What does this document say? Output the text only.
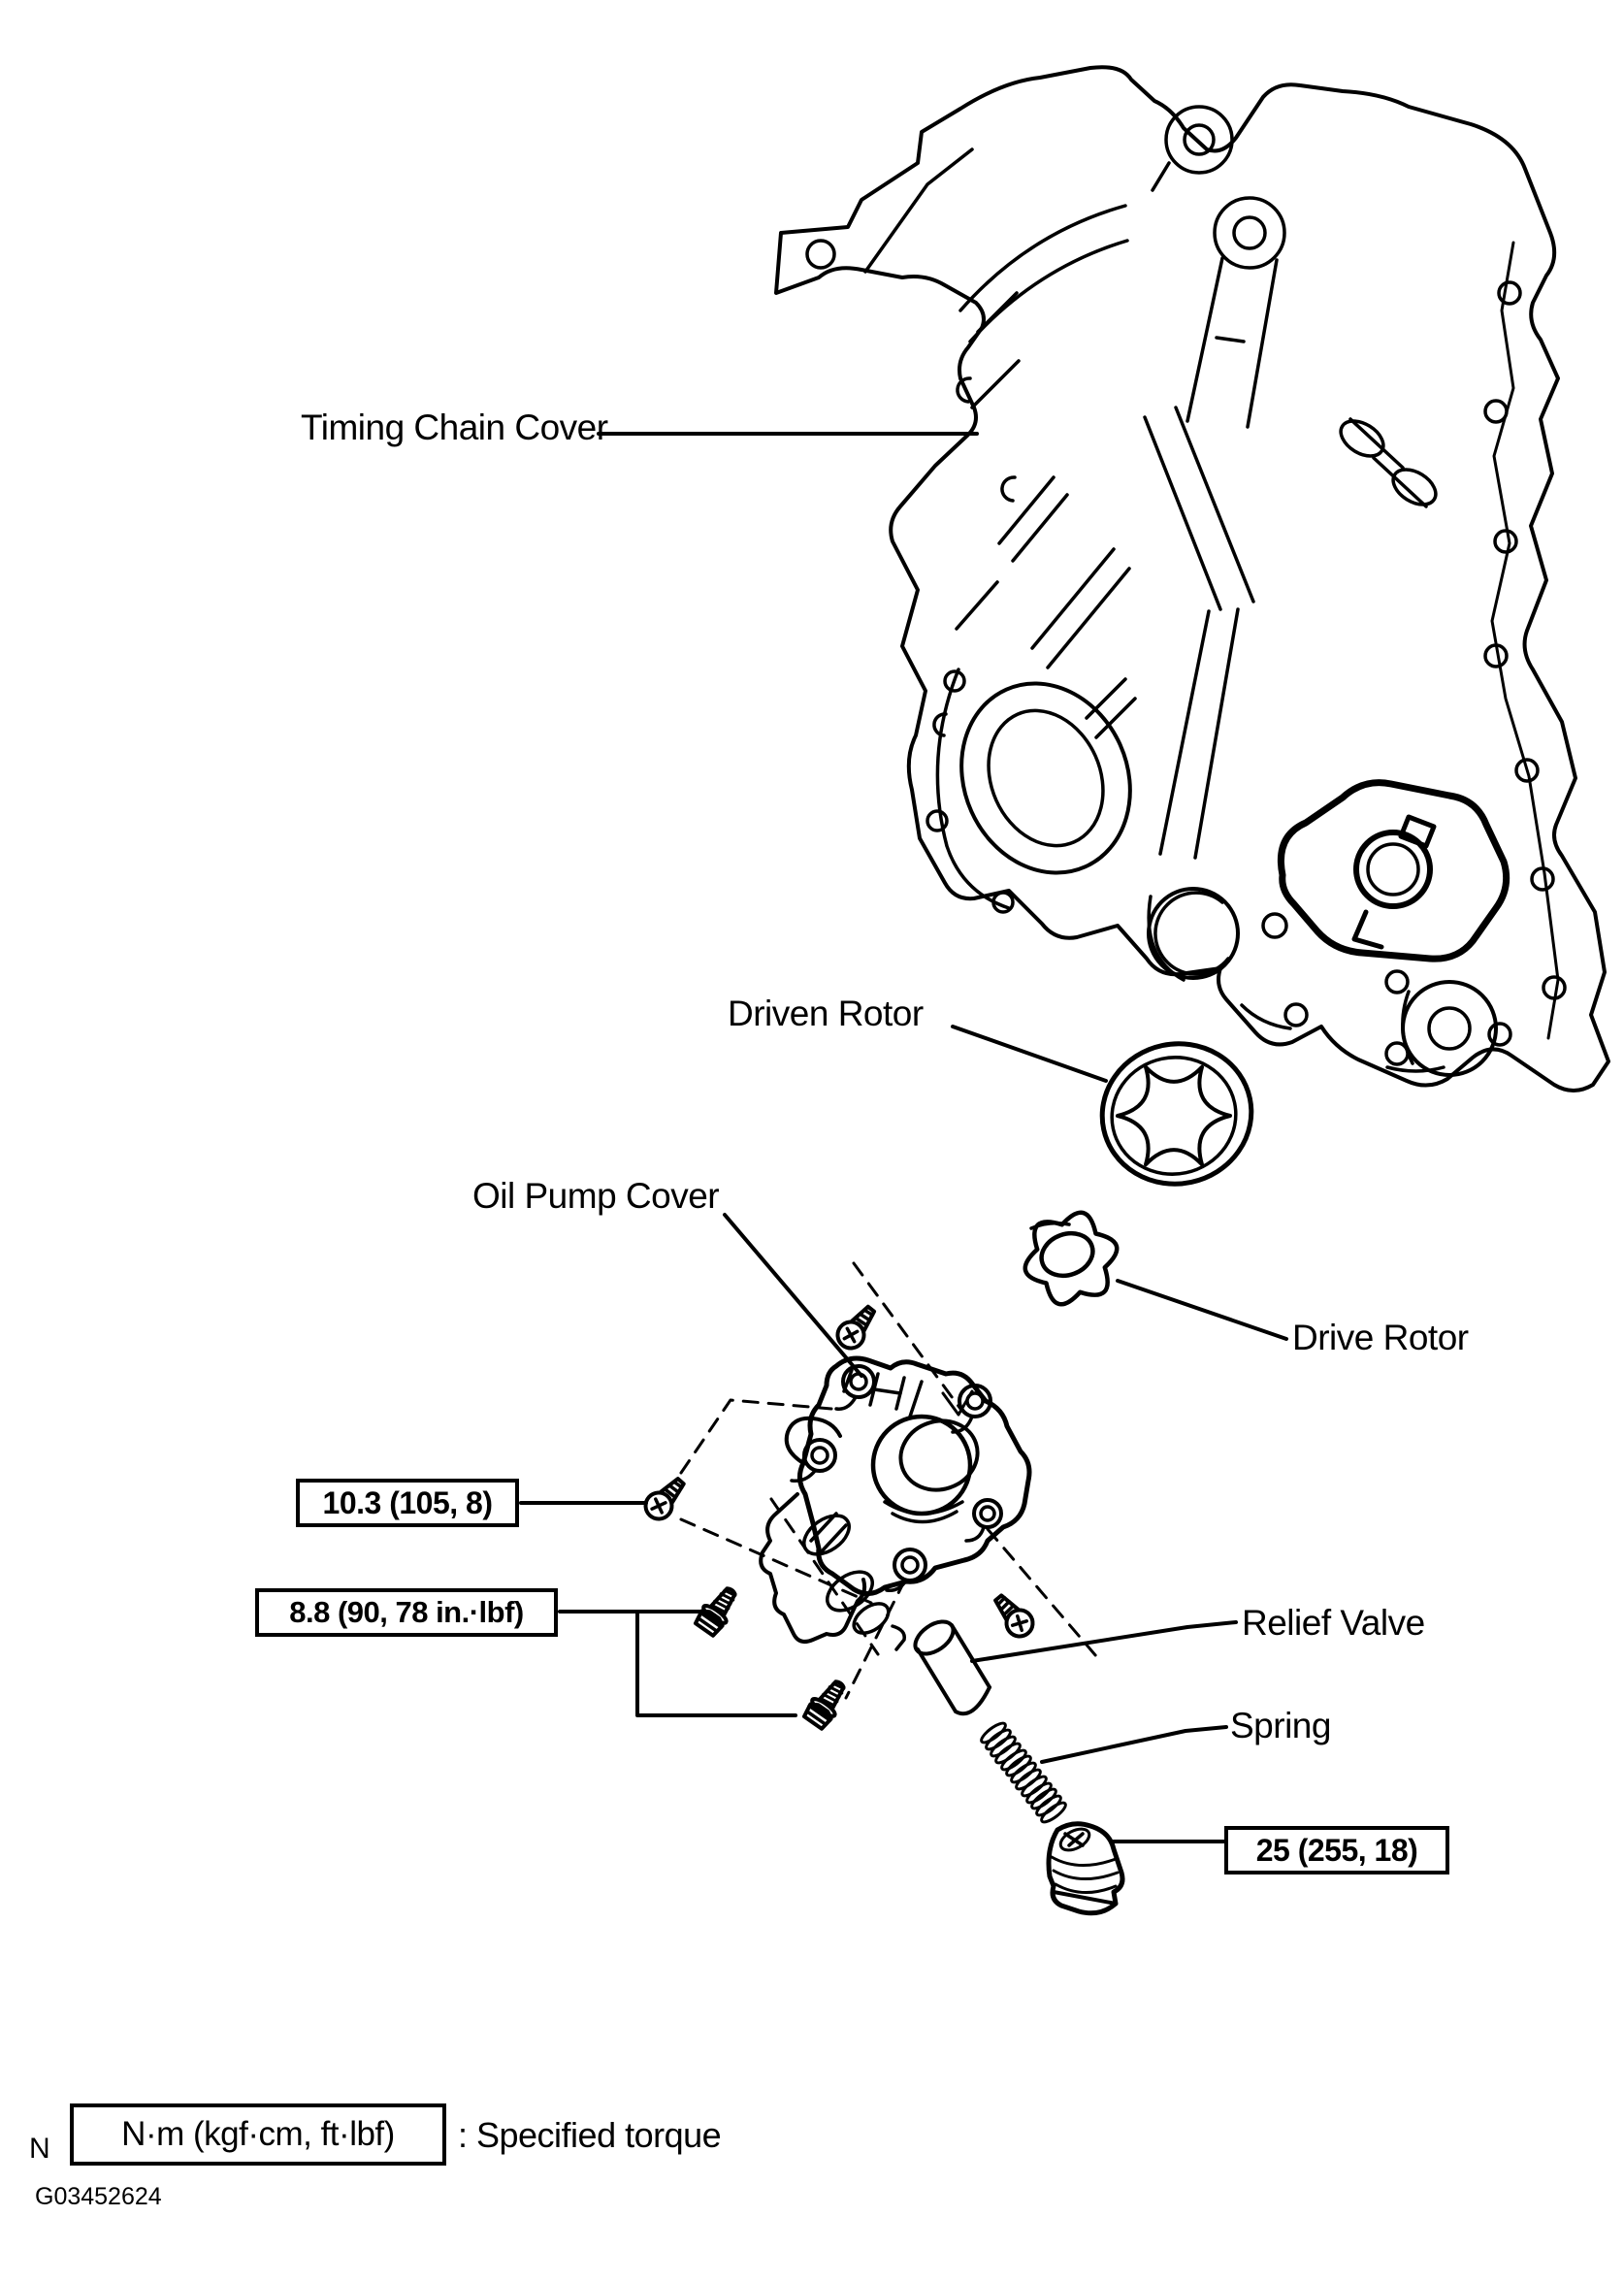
Timing Chain Cover
Driven Rotor
Oil Pump Cover
Drive Rotor
Relief Valve
Spring
10.3 (105, 8)
8.8 (90, 78 in.·lbf)
25 (255, 18)
N	N·m (kgf·cm, ft·lbf)	: Specified torque
G03452624
